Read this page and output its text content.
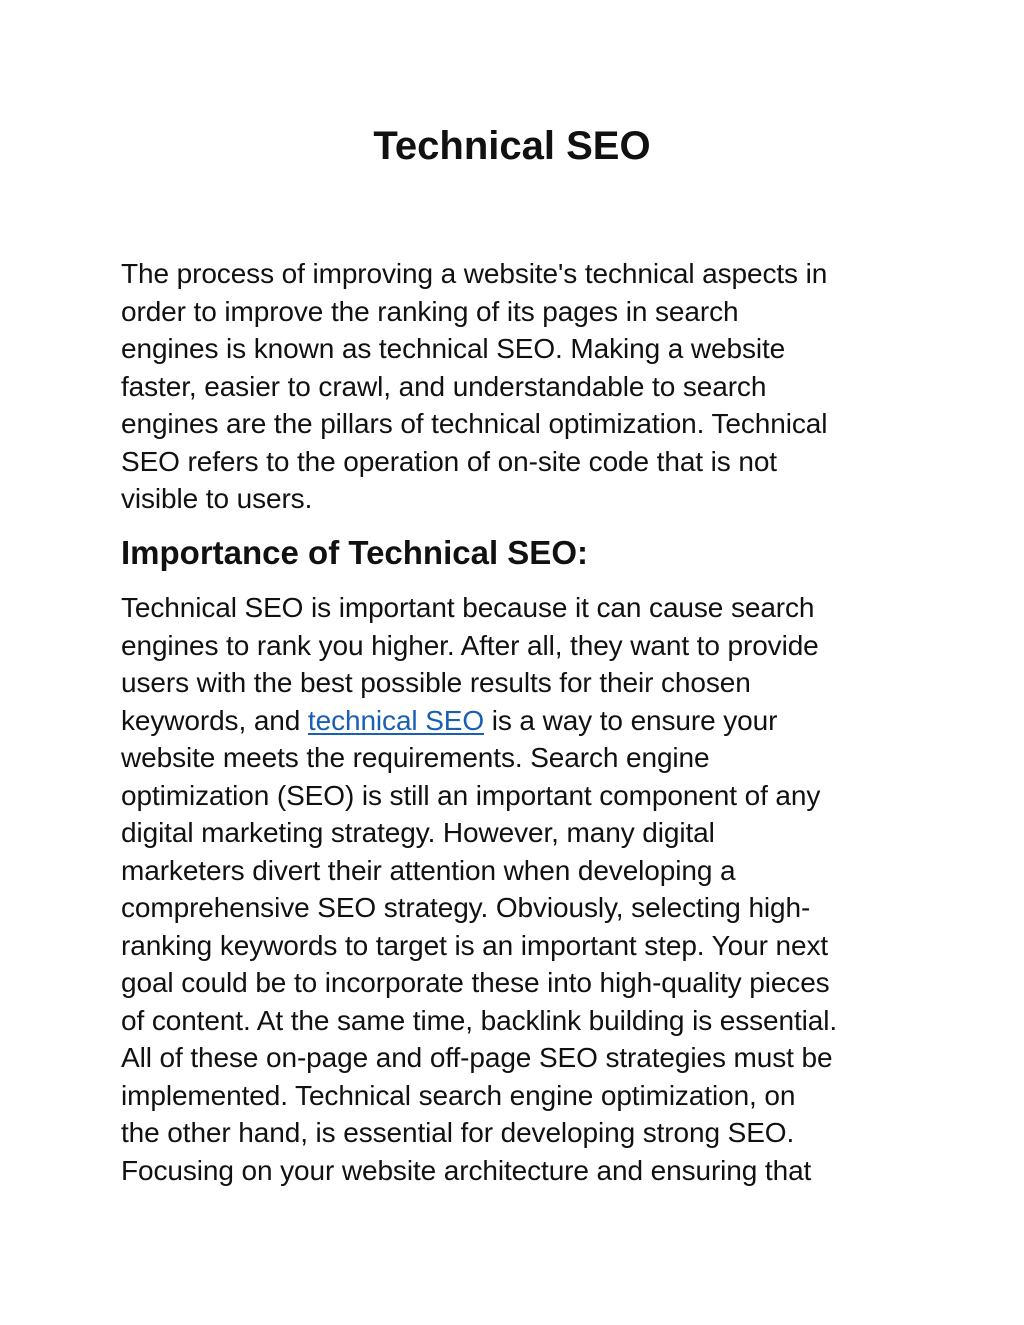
Technical SEO

The process of improving a website's technical aspects in
order to improve the ranking of its pages in search
engines is known as technical SEO. Making a website
faster, easier to crawl, and understandable to search
engines are the pillars of technical optimization. Technical
SEO refers to the operation of on-site code that is not
visible to users.

Importance of Technical SEO:

Technical SEO is important because it can cause search
engines to rank you higher. After all, they want to provide
users with the best possible results for their chosen
keywords, and technical SEO is a way to ensure your
website meets the requirements. Search engine
optimization (SEO) is still an important component of any
digital marketing strategy. However, many digital
marketers divert their attention when developing a
comprehensive SEO strategy. Obviously, selecting high-
ranking keywords to target is an important step. Your next
goal could be to incorporate these into high-quality pieces
of content. At the same time, backlink building is essential.
All of these on-page and off-page SEO strategies must be
implemented. Technical search engine optimization, on
the other hand, is essential for developing strong SEO.
Focusing on your website architecture and ensuring that
